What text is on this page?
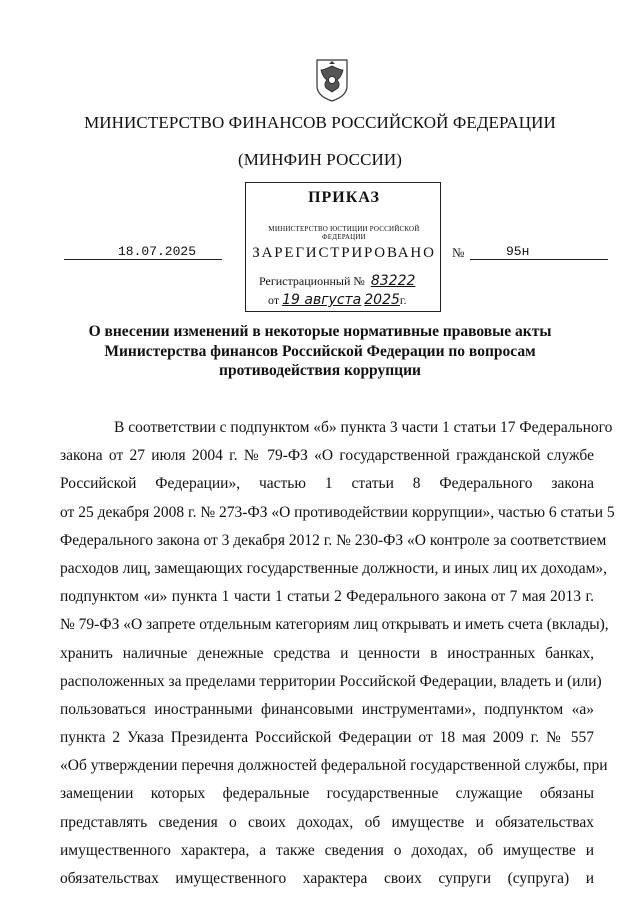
МИНИСТЕРСТВО ФИНАНСОВ РОССИЙСКОЙ ФЕДЕРАЦИИ
(МИНФИН РОССИИ)
ПРИКАЗ
МИНИСТЕРСТВО ЮСТИЦИИ РОССИЙСКОЙ ФЕДЕРАЦИИ
ЗАРЕГИСТРИРОВАНО
Регистрационный № 83222
от 19 августа 2025г.
18.07.2025	№	95н
О внесении изменений в некоторые нормативные правовые акты
Министерства финансов Российской Федерации по вопросам
противодействия коррупции
В соответствии с подпунктом «б» пункта 3 части 1 статьи 17 Федерального
закона от 27 июля 2004 г. № 79-ФЗ «О государственной гражданской службе
Российской Федерации», частью 1 статьи 8 Федерального закона
от 25 декабря 2008 г. № 273-ФЗ «О противодействии коррупции», частью 6 статьи 5
Федерального закона от 3 декабря 2012 г. № 230-ФЗ «О контроле за соответствием
расходов лиц, замещающих государственные должности, и иных лиц их доходам»,
подпунктом «и» пункта 1 части 1 статьи 2 Федерального закона от 7 мая 2013 г.
№ 79-ФЗ «О запрете отдельным категориям лиц открывать и иметь счета (вклады),
хранить наличные денежные средства и ценности в иностранных банках,
расположенных за пределами территории Российской Федерации, владеть и (или)
пользоваться иностранными финансовыми инструментами», подпунктом «а»
пункта 2 Указа Президента Российской Федерации от 18 мая 2009 г. № 557
«Об утверждении перечня должностей федеральной государственной службы, при
замещении которых федеральные государственные служащие обязаны
представлять сведения о своих доходах, об имуществе и обязательствах
имущественного характера, а также сведения о доходах, об имуществе и
обязательствах имущественного характера своих супруги (супруга) и
